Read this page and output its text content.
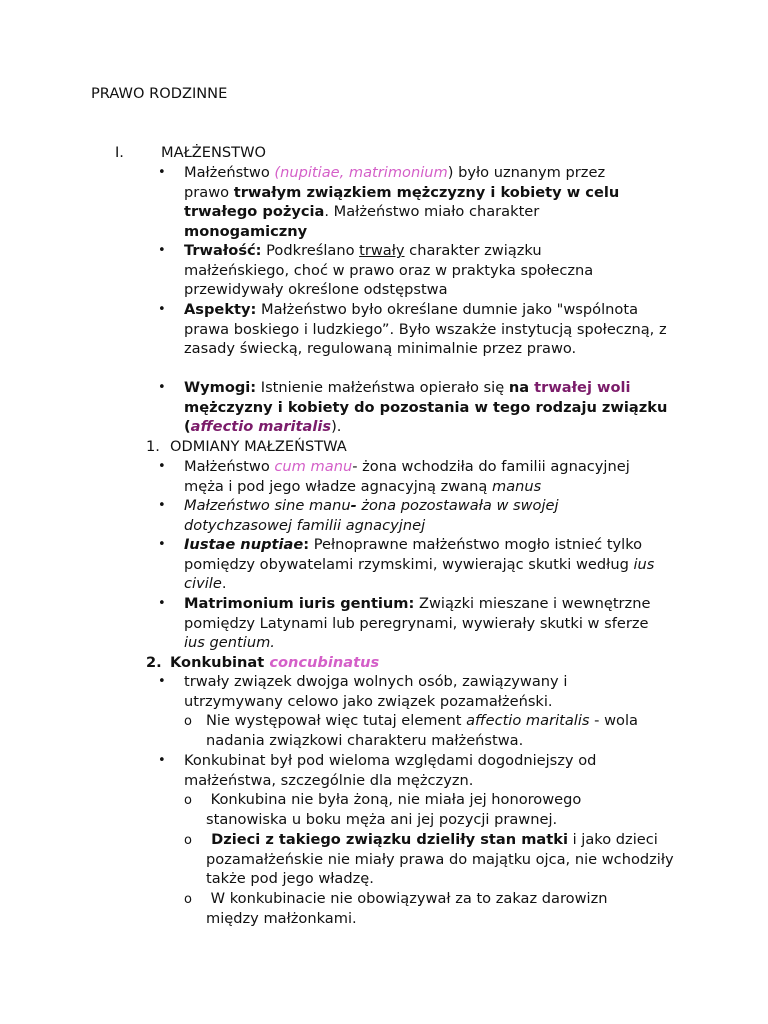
PRAWO RODZINNE
I.	MAŁŻENSTWO
• Małżeństwo (nupitiae, matrimonium) było uznanym przez prawo trwałym związkiem mężczyzny i kobiety w celu trwałego pożycia. Małżeństwo miało charakter monogamiczny
• Trwałość: Podkreślano trwały charakter związku małżeńskiego, choć w prawo oraz w praktyka społeczna przewidywały określone odstępstwa
• Aspekty: Małżeństwo było określane dumnie jako "wspólnota prawa boskiego i ludzkiego”. Było wszakże instytucją społeczną, z zasady świecką, regulowaną minimalnie przez prawo.
• Wymogi: Istnienie małżeństwa opierało się na trwałej woli mężczyzny i kobiety do pozostania w tego rodzaju związku (affectio maritalis).
1. ODMIANY MAŁZEŃSTWA
• Małżeństwo cum manu- żona wchodziła do familii agnacyjnej męża i pod jego władze agnacyjną zwaną manus
• Małzeństwo sine manu- żona pozostawała w swojej dotychzasowej familii agnacyjnej
• Iustae nuptiae: Pełnoprawne małżeństwo mogło istnieć tylko pomiędzy obywatelami rzymskimi, wywierając skutki według ius civile.
• Matrimonium iuris gentium: Związki mieszane i wewnętrzne pomiędzy Latynami lub peregrynami, wywierały skutki w sferze ius gentium.
2. Konkubinat concubinatus
• trwały związek dwojga wolnych osób, zawiązywany i utrzymywany celowo jako związek pozamałżeński.
o Nie występował więc tutaj element affectio maritalis - wola nadania związkowi charakteru małżeństwa.
• Konkubinat był pod wieloma względami dogodniejszy od małżeństwa, szczególnie dla mężczyzn.
o Konkubina nie była żoną, nie miała jej honorowego stanowiska u boku męża ani jej pozycji prawnej.
o Dzieci z takiego związku dzieliły stan matki i jako dzieci pozamałżeńskie nie miały prawa do majątku ojca, nie wchodziły także pod jego władzę.
o W konkubinacie nie obowiązywał za to zakaz darowizn między małżonkami.
